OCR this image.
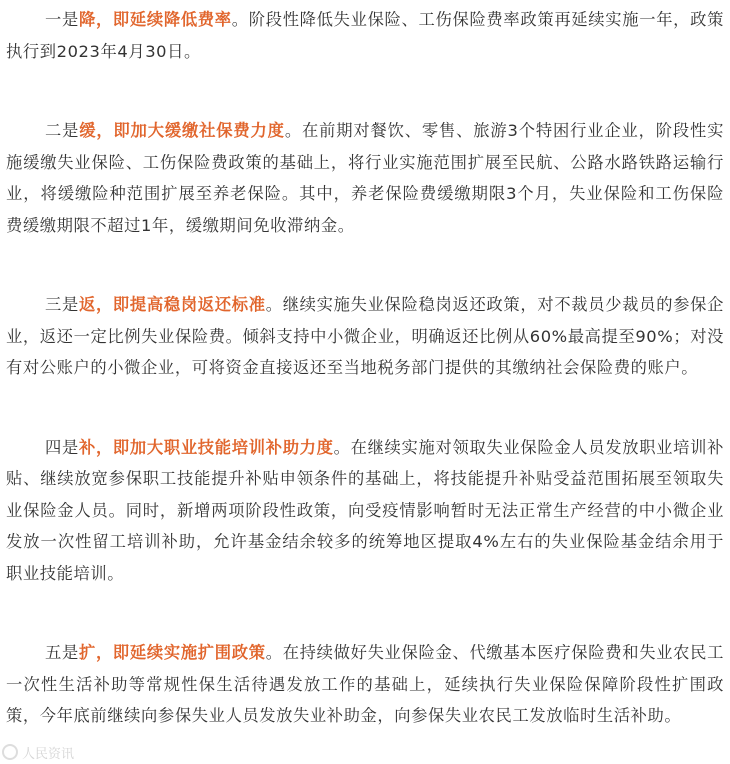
一是降，即延续降低费率。阶段性降低失业保险、工伤保险费率政策再延续实施一年，政策执行到2023年4月30日。

二是缓，即加大缓缴社保费力度。在前期对餐饮、零售、旅游3个特困行业企业，阶段性实施缓缴失业保险、工伤保险费政策的基础上，将行业实施范围扩展至民航、公路水路铁路运输行业，将缓缴险种范围扩展至养老保险。其中，养老保险费缓缴期限3个月，失业保险和工伤保险费缓缴期限不超过1年，缓缴期间免收滞纳金。

三是返，即提高稳岗返还标准。继续实施失业保险稳岗返还政策，对不裁员少裁员的参保企业，返还一定比例失业保险费。倾斜支持中小微企业，明确返还比例从60%最高提至90%；对没有对公账户的小微企业，可将资金直接返还至当地税务部门提供的其缴纳社会保险费的账户。

四是补，即加大职业技能培训补助力度。在继续实施对领取失业保险金人员发放职业培训补贴、继续放宽参保职工技能提升补贴申领条件的基础上，将技能提升补贴受益范围拓展至领取失业保险金人员。同时，新增两项阶段性政策，向受疫情影响暂时无法正常生产经营的中小微企业发放一次性留工培训补助，允许基金结余较多的统筹地区提取4%左右的失业保险基金结余用于职业技能培训。

五是扩，即延续实施扩围政策。在持续做好失业保险金、代缴基本医疗保险费和失业农民工一次性生活补助等常规性保生活待遇发放工作的基础上，延续执行失业保险保障阶段性扩围政策，今年底前继续向参保失业人员发放失业补助金，向参保失业农民工发放临时生活补助。

人民资讯
